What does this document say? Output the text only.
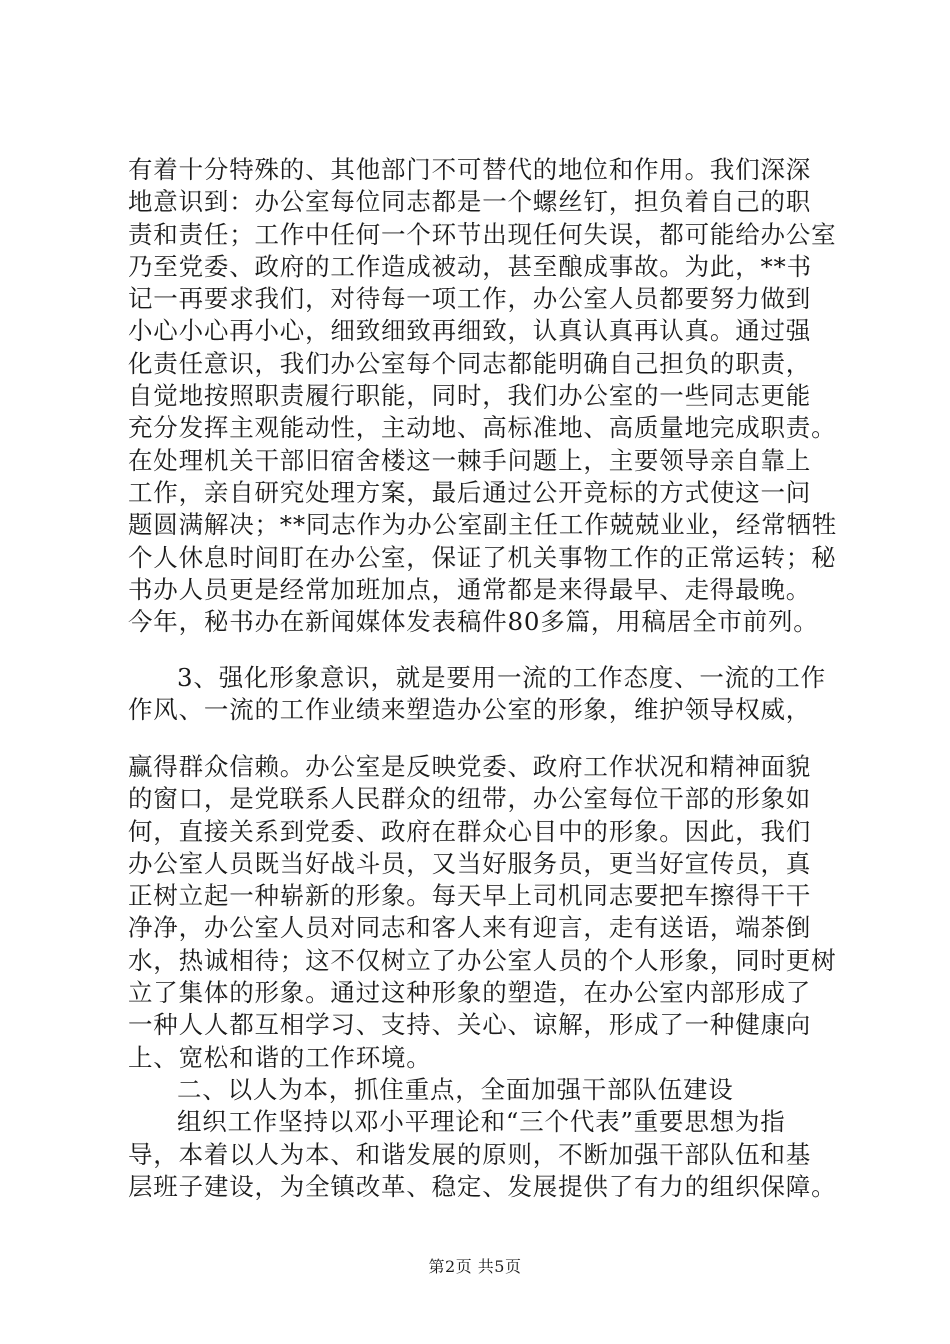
有着十分特殊的、其他部门不可替代的地位和作用。我们深深
地意识到：办公室每位同志都是一个螺丝钉，担负着自己的职
责和责任；工作中任何一个环节出现任何失误，都可能给办公室
乃至党委、政府的工作造成被动，甚至酿成事故。为此，**书
记一再要求我们，对待每一项工作，办公室人员都要努力做到
小心小心再小心，细致细致再细致，认真认真再认真。通过强
化责任意识，我们办公室每个同志都能明确自己担负的职责，
自觉地按照职责履行职能，同时，我们办公室的一些同志更能
充分发挥主观能动性，主动地、高标准地、高质量地完成职责。
在处理机关干部旧宿舍楼这一棘手问题上，主要领导亲自靠上
工作，亲自研究处理方案，最后通过公开竞标的方式使这一问
题圆满解决；**同志作为办公室副主任工作兢兢业业，经常牺牲
个人休息时间盯在办公室，保证了机关事物工作的正常运转；秘
书办人员更是经常加班加点，通常都是来得最早、走得最晚。
今年，秘书办在新闻媒体发表稿件80多篇，用稿居全市前列。
3、强化形象意识，就是要用一流的工作态度、一流的工作
作风、一流的工作业绩来塑造办公室的形象，维护领导权威，
赢得群众信赖。办公室是反映党委、政府工作状况和精神面貌
的窗口，是党联系人民群众的纽带，办公室每位干部的形象如
何，直接关系到党委、政府在群众心目中的形象。因此，我们
办公室人员既当好战斗员，又当好服务员，更当好宣传员，真
正树立起一种崭新的形象。每天早上司机同志要把车擦得干干
净净，办公室人员对同志和客人来有迎言，走有送语，端茶倒
水，热诚相待；这不仅树立了办公室人员的个人形象，同时更树
立了集体的形象。通过这种形象的塑造，在办公室内部形成了
一种人人都互相学习、支持、关心、谅解，形成了一种健康向
上、宽松和谐的工作环境。
二、以人为本，抓住重点，全面加强干部队伍建设
组织工作坚持以邓小平理论和“三个代表”重要思想为指
导，本着以人为本、和谐发展的原则，不断加强干部队伍和基
层班子建设，为全镇改革、稳定、发展提供了有力的组织保障。
第2页 共5页
